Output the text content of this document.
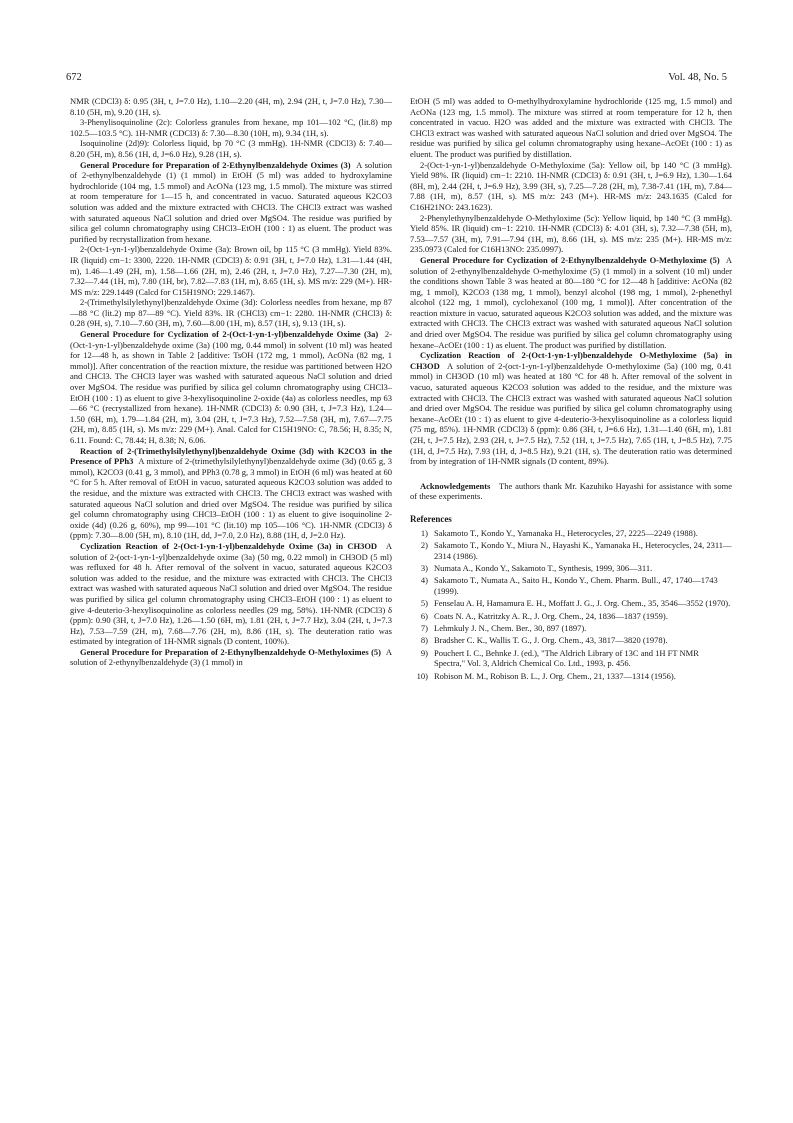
672	Vol. 48, No. 5

NMR (CDCl3) δ: 0.95 (3H, t, J=7.0 Hz), 1.10—2.20 (4H, m), 2.94 (2H, t, J=7.0 Hz), 7.30—8.10 (5H, m), 9.20 (1H, s).

3-Phenylisoquinoline (2c): Colorless granules from hexane, mp 101—102 °C, (lit.8) mp 102.5—103.5 °C). 1H-NMR (CDCl3) δ: 7.30—8.30 (10H, m), 9.34 (1H, s).

Isoquinoline (2d)9): Colorless liquid, bp 70 °C (3 mmHg). 1H-NMR (CDCl3) δ: 7.40—8.20 (5H, m), 8.56 (1H, d, J=6.0 Hz), 9.28 (1H, s).

General Procedure for Preparation of 2-Ethynylbenzaldehyde Oximes (3) A solution of 2-ethynylbenzaldehyde (1) (1 mmol) in EtOH (5 ml) was added to hydroxylamine hydrochloride (104 mg, 1.5 mmol) and AcONa (123 mg, 1.5 mmol). The mixture was stirred at room temperature for 1—15 h, and concentrated in vacuo. Saturated aqueous K2CO3 solution was added and the mixture extracted with CHCl3. The CHCl3 extract was washed with saturated aqueous NaCl solution and dried over MgSO4. The residue was purified by silica gel column chromatography using CHCl3–EtOH (100 : 1) as eluent. The product was purified by recrystallization from hexane.

2-(Oct-1-yn-1-yl)benzaldehyde Oxime (3a): Brown oil, bp 115 °C (3 mmHg). Yield 83%. IR (liquid) cm−1: 3300, 2220. 1H-NMR (CDCl3) δ: 0.91 (3H, t, J=7.0 Hz), 1.31—1.44 (4H, m), 1.46—1.49 (2H, m), 1.58—1.66 (2H, m), 2.46 (2H, t, J=7.0 Hz), 7.27—7.30 (2H, m), 7.32—7.44 (1H, m), 7.80 (1H, br), 7.82—7.83 (1H, m), 8.65 (1H, s). MS m/z: 229 (M+). HR-MS m/z: 229.1449 (Calcd for C15H19NO: 229.1467).

2-(Trimethylsilylethynyl)benzaldehyde Oxime (3d): Colorless needles from hexane, mp 87—88 °C (lit.2) mp 87—89 °C). Yield 83%. IR (CHCl3) cm−1: 2280. 1H-NMR (CHCl3) δ: 0.28 (9H, s), 7.10—7.60 (3H, m), 7.60—8.00 (1H, m), 8.57 (1H, s), 9.13 (1H, s).

General Procedure for Cyclization of 2-(Oct-1-yn-1-yl)benzaldehyde Oxime (3a) 2-(Oct-1-yn-1-yl)benzaldehyde oxime (3a) (100 mg, 0.44 mmol) in solvent (10 ml) was heated for 12—48 h, as shown in Table 2 [additive: TsOH (172 mg, 1 mmol), AcONa (82 mg, 1 mmol)]. After concentration of the reaction mixture, the residue was partitioned between H2O and CHCl3. The CHCl3 layer was washed with saturated aqueous NaCl solution and dried over MgSO4. The residue was purified by silica gel column chromatography using CHCl3–EtOH (100 : 1) as eluent to give 3-hexylisoquinoline 2-oxide (4a) as colorless needles, mp 63—66 °C (recrystallized from hexane). 1H-NMR (CDCl3) δ: 0.90 (3H, t, J=7.3 Hz), 1.24—1.50 (6H, m), 1.79—1.84 (2H, m), 3.04 (2H, t, J=7.3 Hz), 7.52—7.58 (3H, m), 7.67—7.75 (2H, m), 8.85 (1H, s). Ms m/z: 229 (M+). Anal. Calcd for C15H19NO: C, 78.56; H, 8.35; N, 6.11. Found: C, 78.44; H, 8.38; N, 6.06.

Reaction of 2-(Trimethylsilylethynyl)benzaldehyde Oxime (3d) with K2CO3 in the Presence of PPh3 A mixture of 2-(trimethylsilylethynyl)benzaldehyde oxime (3d) (0.65 g, 3 mmol), K2CO3 (0.41 g, 3 mmol), and PPh3 (0.78 g, 3 mmol) in EtOH (6 ml) was heated at 60 °C for 5 h. After removal of EtOH in vacuo, saturated aqueous K2CO3 solution was added to the residue, and the mixture was extracted with CHCl3. The CHCl3 extract was washed with saturated aqueous NaCl solution and dried over MgSO4. The residue was purified by silica gel column chromatography using CHCl3–EtOH (100 : 1) as eluent to give isoquinoline 2-oxide (4d) (0.26 g, 60%), mp 99—101 °C (lit.10) mp 105—106 °C). 1H-NMR (CDCl3) δ (ppm): 7.30—8.00 (5H, m), 8.10 (1H, dd, J=7.0, 2.0 Hz), 8.88 (1H, d, J=2.0 Hz).

Cyclization Reaction of 2-(Oct-1-yn-1-yl)benzaldehyde Oxime (3a) in CH3OD A solution of 2-(oct-1-yn-1-yl)benzaldehyde oxime (3a) (50 mg, 0.22 mmol) in CH3OD (5 ml) was refluxed for 48 h. After removal of the solvent in vacuo, saturated aqueous K2CO3 solution was added to the residue, and the mixture was extracted with CHCl3. The CHCl3 extract was washed with saturated aqueous NaCl solution and dried over MgSO4. The residue was purified by silica gel column chromatography using CHCl3–EtOH (100 : 1) as eluent to give 4-deuterio-3-hexylisoquinoline as colorless needles (29 mg, 58%). 1H-NMR (CDCl3) δ (ppm): 0.90 (3H, t, J=7.0 Hz), 1.26—1.50 (6H, m), 1.81 (2H, t, J=7.7 Hz), 3.04 (2H, t, J=7.3 Hz), 7.53—7.59 (2H, m), 7.68—7.76 (2H, m), 8.86 (1H, s). The deuteration ratio was estimated by integration of 1H-NMR signals (D content, 100%).

General Procedure for Preparation of 2-Ethynylbenzaldehyde O-Methyloximes (5) A solution of 2-ethynylbenzaldehyde (3) (1 mmol) in

EtOH (5 ml) was added to O-methylhydroxylamine hydrochloride (125 mg, 1.5 mmol) and AcONa (123 mg, 1.5 mmol). The mixture was stirred at room temperature for 12 h, then concentrated in vacuo. H2O was added and the mixture was extracted with CHCl3. The CHCl3 extract was washed with saturated aqueous NaCl solution and dried over MgSO4. The residue was purified by silica gel column chromatography using hexane–AcOEt (100 : 1) as eluent. The product was purified by distillation.

2-(Oct-1-yn-1-yl)benzaldehyde O-Methyloxime (5a): Yellow oil, bp 140 °C (3 mmHg). Yield 98%. IR (liquid) cm−1: 2210. 1H-NMR (CDCl3) δ: 0.91 (3H, t, J=6.9 Hz), 1.30—1.64 (8H, m), 2.44 (2H, t, J=6.9 Hz), 3.99 (3H, s), 7.25—7.28 (2H, m), 7.38-7.41 (1H, m), 7.84—7.88 (1H, m), 8.57 (1H, s). MS m/z: 243 (M+). HR-MS m/z: 243.1635 (Calcd for C16H21NO: 243.1623).

2-Phenylethynylbenzaldehyde O-Methyloxime (5c): Yellow liquid, bp 140 °C (3 mmHg). Yield 85%. IR (liquid) cm−1: 2210. 1H-NMR (CDCl3) δ: 4.01 (3H, s), 7.32—7.38 (5H, m), 7.53—7.57 (3H, m), 7.91—7.94 (1H, m), 8.66 (1H, s). MS m/z: 235 (M+). HR-MS m/z: 235.0973 (Calcd for C16H13NO: 235.0997).

General Procedure for Cyclization of 2-Ethynylbenzaldehyde O-Methyloxime (5) A solution of 2-ethynylbenzaldehyde O-methyloxime (5) (1 mmol) in a solvent (10 ml) under the conditions shown Table 3 was heated at 80—180 °C for 12—48 h [additive: AcONa (82 mg, 1 mmol), K2CO3 (138 mg, 1 mmol), benzyl alcohol (198 mg, 1 mmol), 2-phenethyl alcohol (122 mg, 1 mmol), cyclohexanol (100 mg, 1 mmol)]. After concentration of the reaction mixture in vacuo, saturated aqueous K2CO3 solution was added, and the mixture was extracted with CHCl3. The CHCl3 extract was washed with saturated aqueous NaCl solution and dried over MgSO4. The residue was purified by silica gel column chromatography using hexane–AcOEt (100 : 1) as eluent. The product was purified by distillation.

Cyclization Reaction of 2-(Oct-1-yn-1-yl)benzaldehyde O-Methyloxime (5a) in CH3OD A solution of 2-(oct-1-yn-1-yl)benzaldehyde O-methyloxime (5a) (100 mg, 0.41 mmol) in CH3OD (10 ml) was heated at 180 °C for 48 h. After removal of the solvent in vacuo, saturated aqueous K2CO3 solution was added to the residue, and the mixture was extracted with CHCl3. The CHCl3 extract was washed with saturated aqueous NaCl solution and dried over MgSO4. The residue was purified by silica gel column chromatography using hexane–AcOEt (10 : 1) as eluent to give 4-deuterio-3-hexylisoquinoline as a colorless liquid (75 mg, 85%). 1H-NMR (CDCl3) δ (ppm): 0.86 (3H, t, J=6.6 Hz), 1.31—1.40 (6H, m), 1.81 (2H, t, J=7.5 Hz), 2.93 (2H, t, J=7.5 Hz), 7.52 (1H, t, J=7.5 Hz), 7.65 (1H, t, J=8.5 Hz), 7.75 (1H, d, J=7.5 Hz), 7.93 (1H, d, J=8.5 Hz), 9.21 (1H, s). The deuteration ratio was determined from by integration of 1H-NMR signals (D content, 89%).

Acknowledgements The authors thank Mr. Kazuhiko Hayashi for assistance with some of these experiments.

References
1) Sakamoto T., Kondo Y., Yamanaka H., Heterocycles, 27, 2225—2249 (1988).
2) Sakamoto T., Kondo Y., Miura N., Hayashi K., Yamanaka H., Heterocycles, 24, 2311—2314 (1986).
3) Numata A., Kondo Y., Sakamoto T., Synthesis, 1999, 306—311.
4) Sakamoto T., Numata A., Saito H., Kondo Y., Chem. Pharm. Bull., 47, 1740—1743 (1999).
5) Fenselau A. H, Hamamura E. H., Moffatt J. G., J. Org. Chem., 35, 3546—3552 (1970).
6) Coats N. A., Katritzky A. R., J. Org. Chem., 24, 1836—1837 (1959).
7) Lehmkuly J. N., Chem. Ber., 30, 897 (1897).
8) Bradsher C. K., Wallis T. G., J. Org. Chem., 43, 3817—3820 (1978).
9) Pouchert I. C., Behnke J. (ed.), "The Aldrich Library of 13C and 1H FT NMR Spectra," Vol. 3, Aldrich Chemical Co. Ltd., 1993, p. 456.
10) Robison M. M., Robison B. L., J. Org. Chem., 21, 1337—1314 (1956).
